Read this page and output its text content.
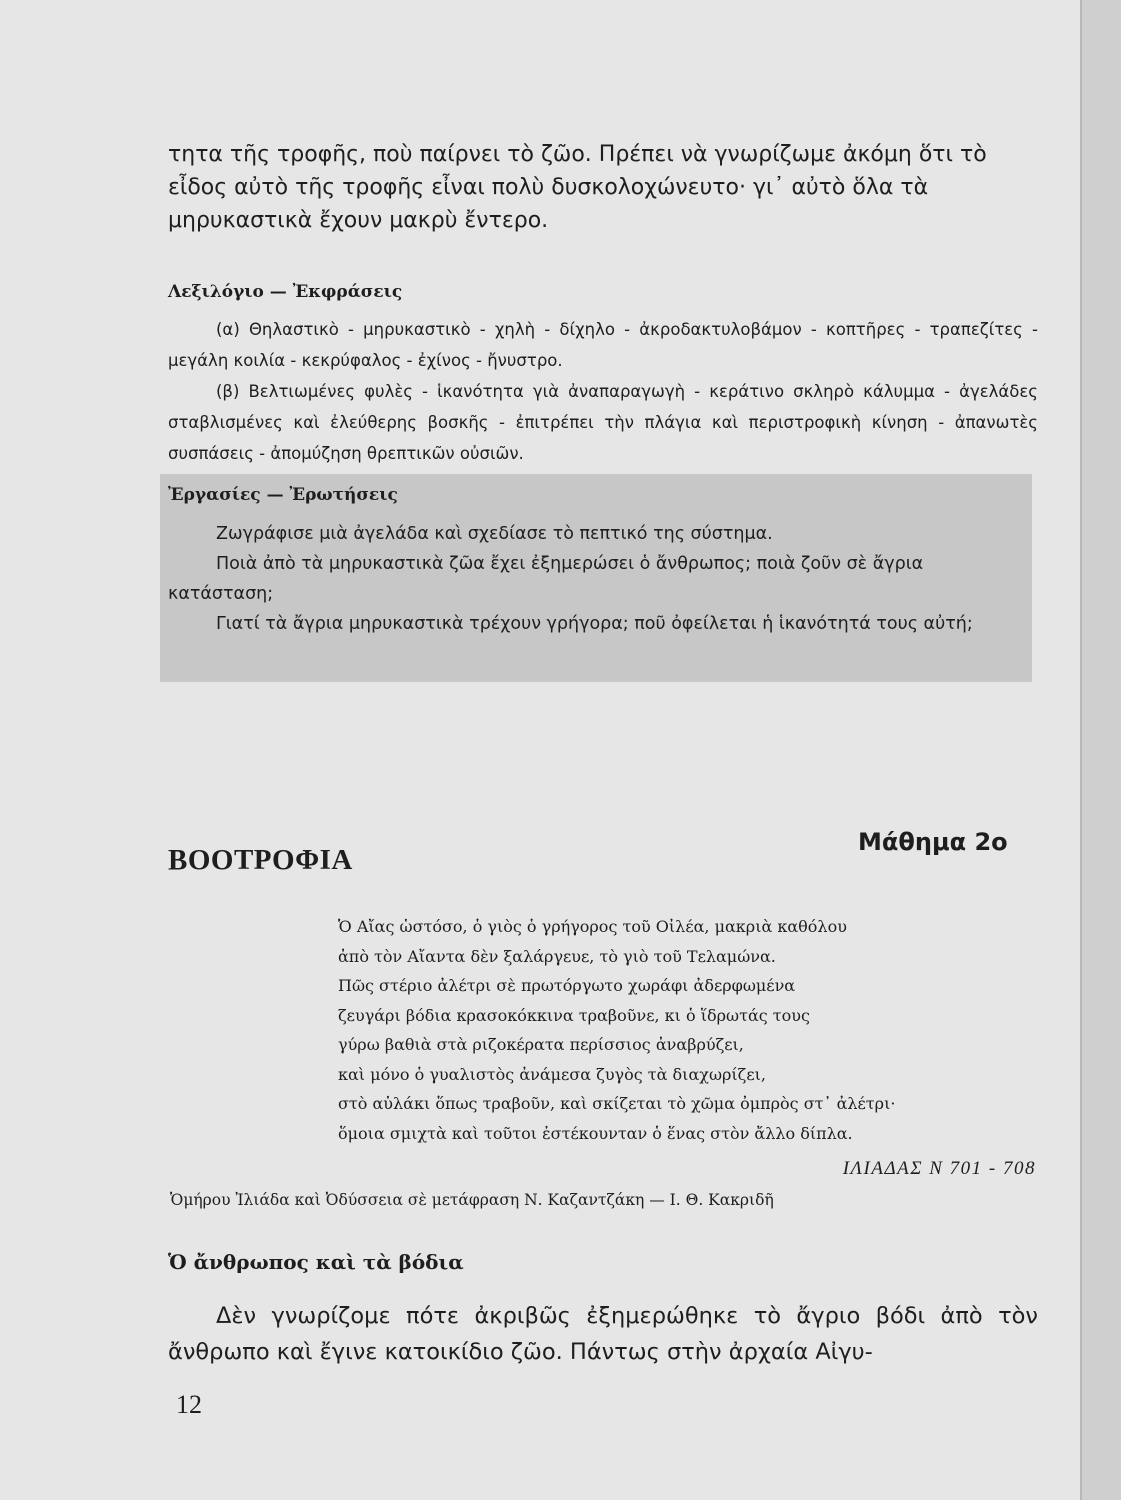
τητα τῆς τροφῆς, ποὺ παίρνει τὸ ζῶο. Πρέπει νὰ γνωρίζωμε ἀκόμη ὅτι τὸ εἶδος αὐτὸ τῆς τροφῆς εἶναι πολὺ δυσκολοχώνευτο· γι᾽ αὐτὸ ὅλα τὰ μηρυκαστικὰ ἔχουν μακρὺ ἔντερο.
Λεξιλόγιο — Ἐκφράσεις
(α) Θηλαστικὸ - μηρυκαστικὸ - χηλὴ - δίχηλο - ἀκροδακτυλοβάμον - κοπτῆρες - τραπεζίτες - μεγάλη κοιλία - κεκρύφαλος - ἐχίνος - ἤνυστρο.
(β) Βελτιωμένες φυλὲς - ἱκανότητα γιὰ ἀναπαραγωγὴ - κεράτινο σκληρὸ κάλυμμα - ἀγελάδες σταβλισμένες καὶ ἐλεύθερης βοσκῆς - ἐπιτρέπει τὴν πλάγια καὶ περιστροφικὴ κίνηση - ἀπανωτὲς συσπάσεις - ἀπομύζηση θρεπτικῶν οὐσιῶν.
Ἐργασίες — Ἐρωτήσεις
Ζωγράφισε μιὰ ἀγελάδα καὶ σχεδίασε τὸ πεπτικό της σύστημα.
Ποιὰ ἀπὸ τὰ μηρυκαστικὰ ζῶα ἔχει ἐξημερώσει ὁ ἄνθρωπος; ποιὰ ζοῦν σὲ ἄγρια κατάσταση;
Γιατί τὰ ἄγρια μηρυκαστικὰ τρέχουν γρήγορα; ποῦ ὀφείλεται ἡ ἱκανότητά τους αὐτή;
ΒΟΟΤΡΟΦΙΑ
Μάθημα 2ο
Ὁ Αἴας ὡστόσο, ὁ γιὸς ὁ γρήγορος τοῦ Οἰλέα, μακριὰ καθόλου
ἀπὸ τὸν Αἴαντα δὲν ξαλάργευε, τὸ γιὸ τοῦ Τελαμώνα.
Πῶς στέριο ἀλέτρι σὲ πρωτόργωτο χωράφι ἀδερφωμένα
ζευγάρι βόδια κρασοκόκκινα τραβοῦνε, κι ὁ ἵδρωτάς τους
γύρω βαθιὰ στὰ ριζοκέρατα περίσσιος ἀναβρύζει,
καὶ μόνο ὁ γυαλιστὸς ἀνάμεσα ζυγὸς τὰ διαχωρίζει,
στὸ αὐλάκι ὅπως τραβοῦν, καὶ σκίζεται τὸ χῶμα ὀμπρὸς στ᾽ ἀλέτρι·
ὅμοια σμιχτὰ καὶ τοῦτοι ἐστέκουνταν ὁ ἕνας στὸν ἄλλο δίπλα.
ΙΛΙΑΔΑΣ Ν 701 - 708
Ὁμήρου Ἰλιάδα καὶ Ὀδύσσεια σὲ μετάφραση Ν. Καζαντζάκη — Ι. Θ. Κακριδῆ
Ὁ ἄνθρωπος καὶ τὰ βόδια
Δὲν γνωρίζομε πότε ἀκριβῶς ἐξημερώθηκε τὸ ἄγριο βόδι ἀπὸ τὸν ἄνθρωπο καὶ ἔγινε κατοικίδιο ζῶο. Πάντως στὴν ἀρχαία Αἰγυ-
12
